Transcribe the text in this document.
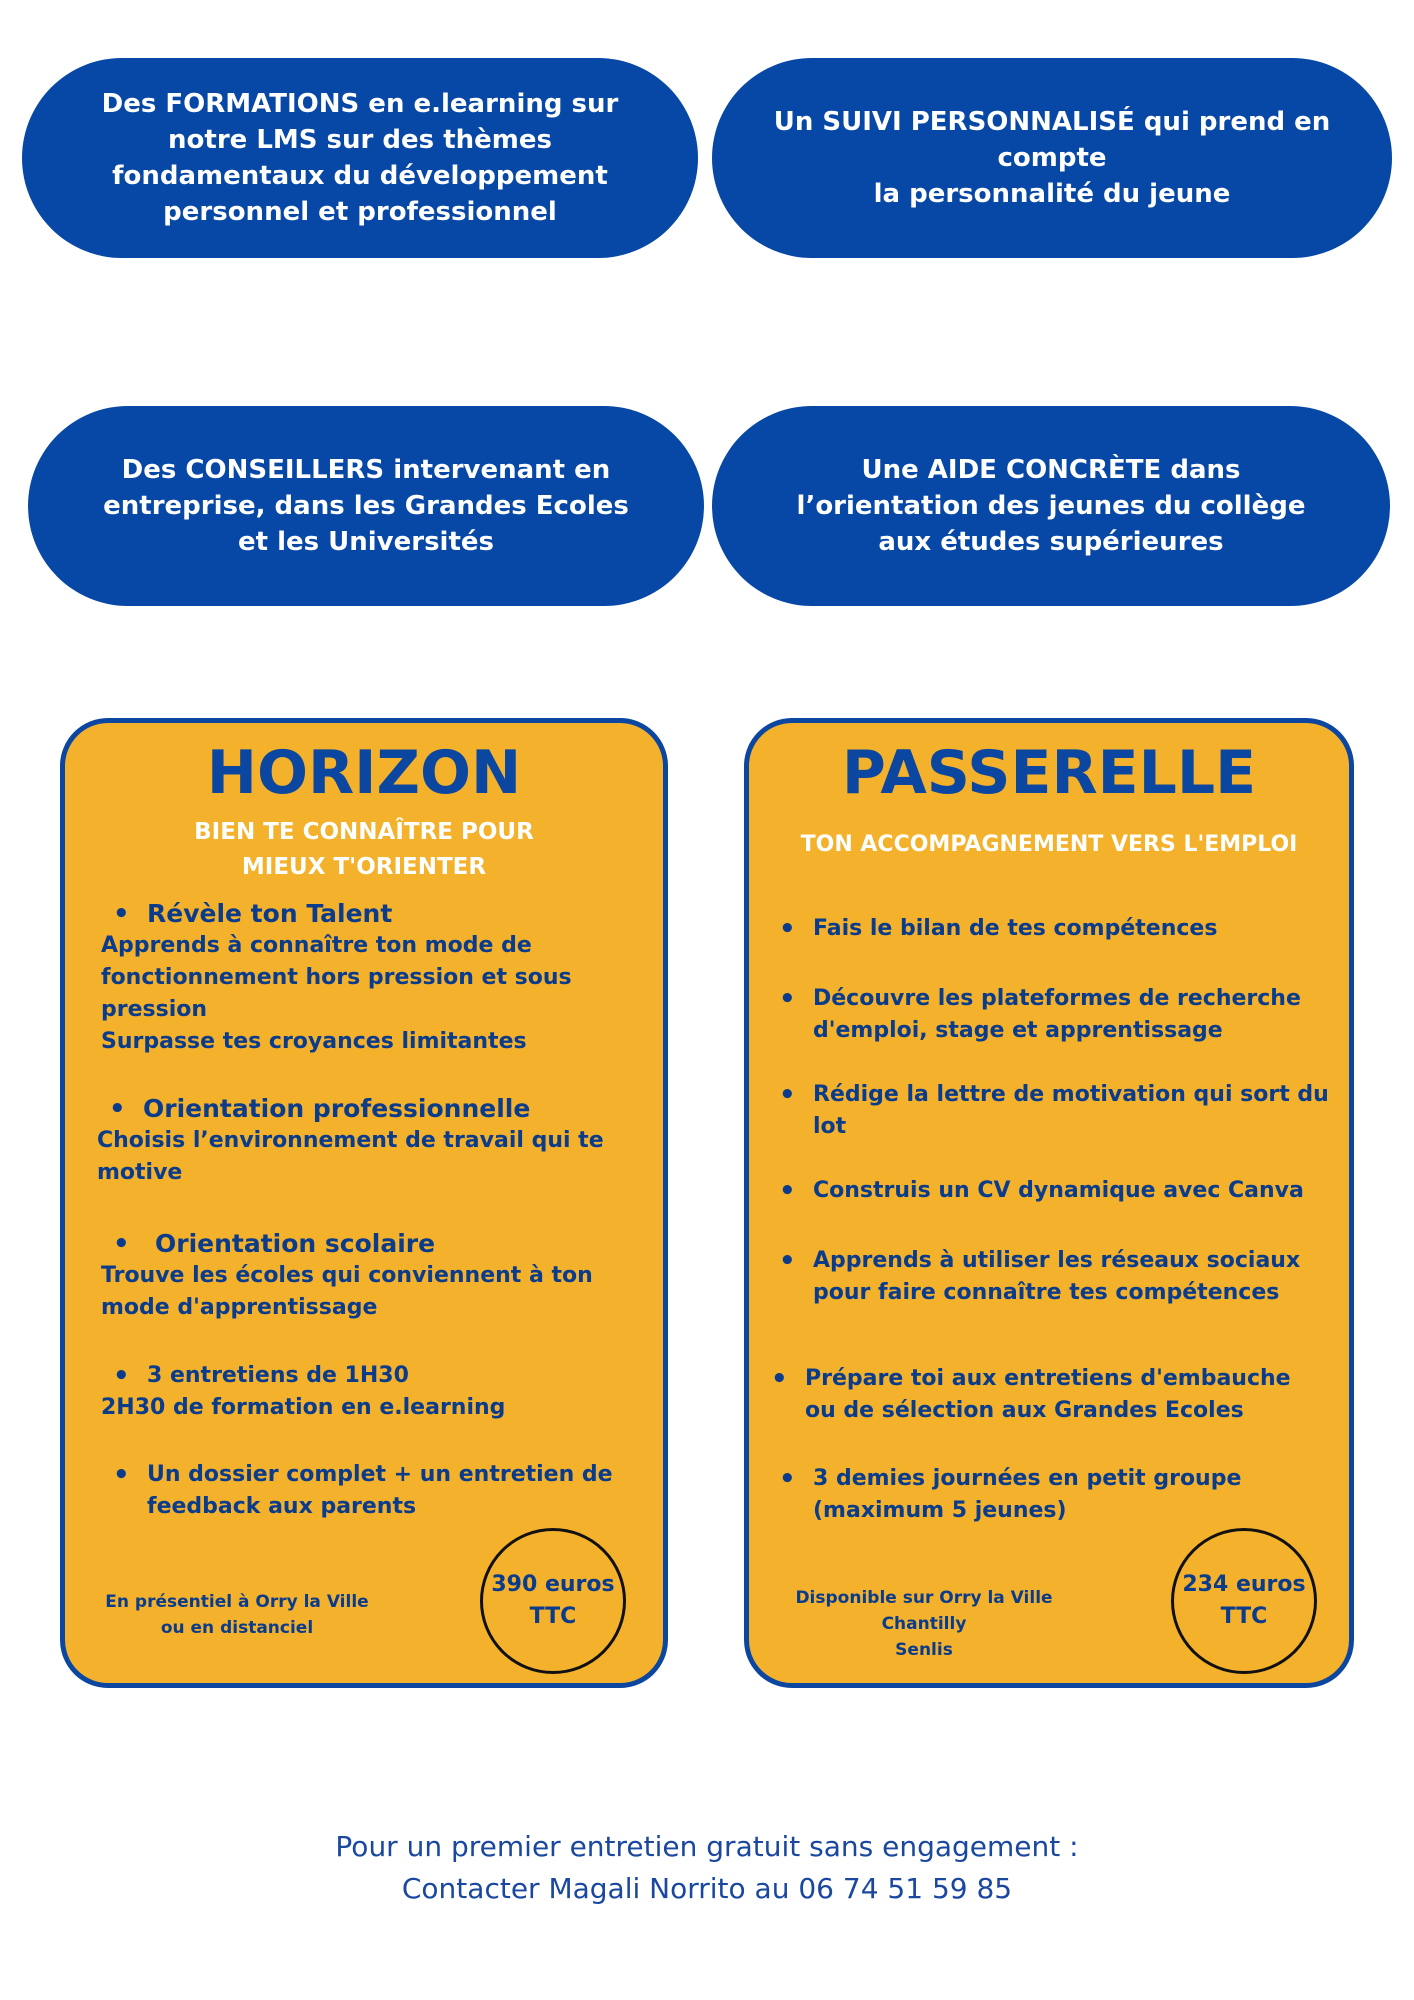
Des FORMATIONS en e.learning sur
notre LMS sur des thèmes
fondamentaux du développement
personnel et professionnel
Un SUIVI PERSONNALISÉ qui prend en compte
la personnalité du jeune
Des CONSEILLERS intervenant en
entreprise, dans les Grandes Ecoles
et les Universités
Une AIDE CONCRÈTE dans
l’orientation des jeunes du collège
aux études supérieures
HORIZON
BIEN TE CONNAÎTRE POUR
MIEUX T'ORIENTER
• Révèle ton Talent
Apprends à connaître ton mode de
fonctionnement hors pression et sous
pression
Surpasse tes croyances limitantes
• Orientation professionnelle
Choisis l’environnement de travail qui te
motive
•	Orientation scolaire
Trouve les écoles qui conviennent à ton
mode d'apprentissage
• 3 entretiens de 1H30
2H30 de formation en e.learning
• Un dossier complet + un entretien de
feedback aux parents
En présentiel à Orry la Ville
ou en distanciel
390 euros
TTC
PASSERELLE
TON ACCOMPAGNEMENT VERS L'EMPLOI
• Fais le bilan de tes compétences
• Découvre les plateformes de recherche
d'emploi, stage et apprentissage
• Rédige la lettre de motivation qui sort du
lot
• Construis un CV dynamique avec Canva
• Apprends à utiliser les réseaux sociaux
pour faire connaître tes compétences
• Prépare toi aux entretiens d'embauche
ou de sélection aux Grandes Ecoles
• 3 demies journées en petit groupe
(maximum 5 jeunes)
Disponible sur Orry la Ville
Chantilly
Senlis
234 euros
TTC
Pour un premier entretien gratuit sans engagement :
Contacter Magali Norrito au 06 74 51 59 85
